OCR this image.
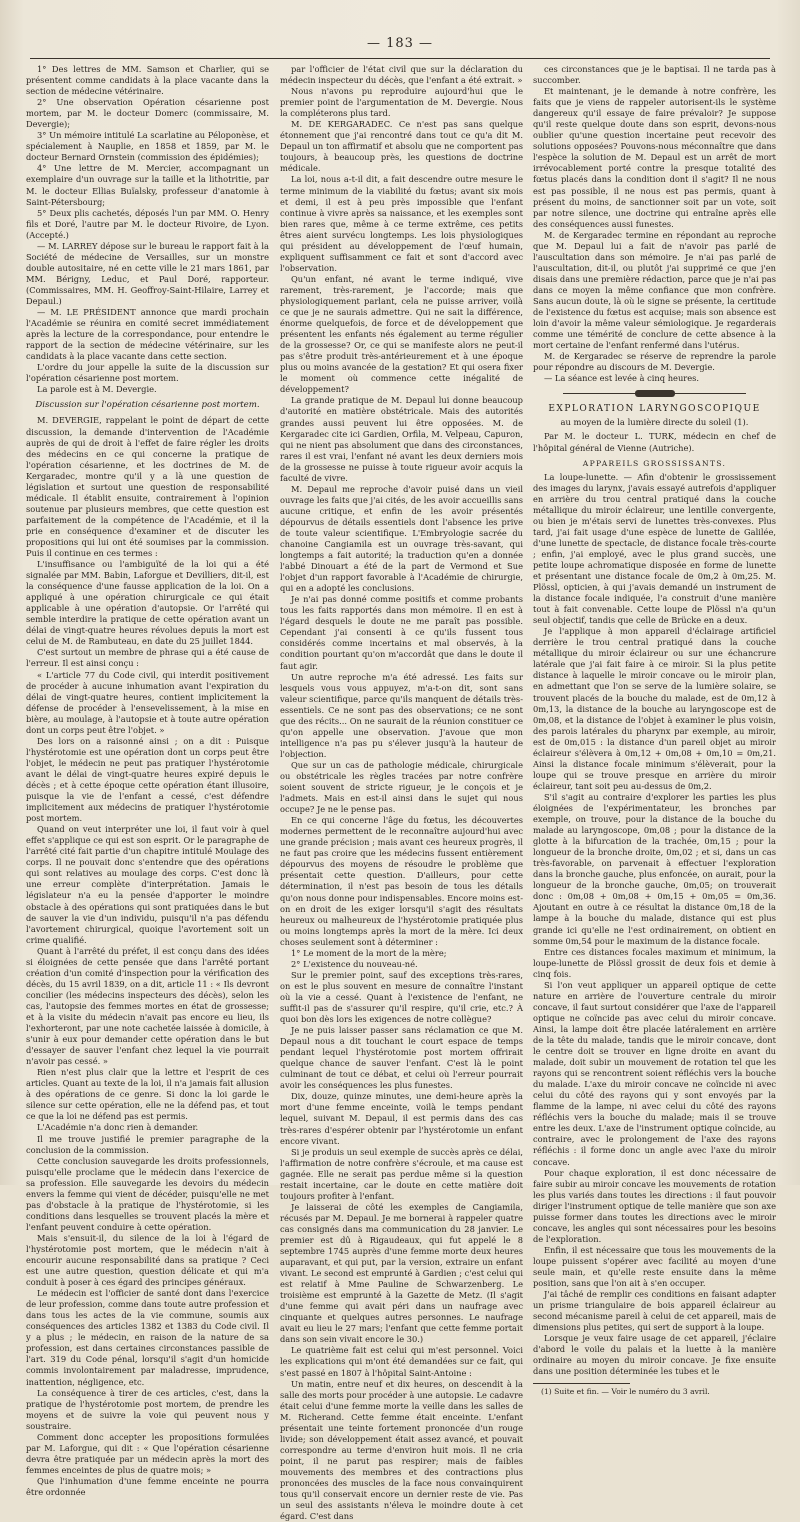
— 183 —

1° Des lettres de MM. Samson et Charlier, qui se présentent comme candidats à la place vacante dans la section de médecine vétérinaire.

2° Une observation Opération césarienne post mortem, par M. le docteur Domerc (commissaire, M. Devergie);

3° Un mémoire intitulé La scarlatine au Péloponèse, et spécialement à Nauplie, en 1858 et 1859, par M. le docteur Bernard Ornstein (commission des épidémies);

4° Une lettre de M. Mercier, accompagnant un exemplaire d'un ouvrage sur la taille et la lithotritie, par M. le docteur Ellias Buïalsky, professeur d'anatomie à Saint-Pétersbourg;

5° Deux plis cachetés, déposés l'un par MM. O. Henry fils et Doré, l'autre par M. le docteur Rivoire, de Lyon. (Accepté.)

— M. LARREY dépose sur le bureau le rapport fait à la Société de médecine de Versailles, sur un monstre double autositaire, né en cette ville le 21 mars 1861, par MM. Bérigny, Leduc, et Paul Doré, rapporteur. (Commissaires, MM. H. Geoffroy-Saint-Hilaire, Larrey et Depaul.)

— M. LE PRÉSIDENT annonce que mardi prochain l'Académie se réunira en comité secret immédiatement après la lecture de la correspondance, pour entendre le rapport de la section de médecine vétérinaire, sur les candidats à la place vacante dans cette section.

L'ordre du jour appelle la suite de la discussion sur l'opération césarienne post mortem.

La parole est à M. Devergie.

Discussion sur l'opération césarienne post mortem.

M. DEVERGIE, rappelant le point de départ de cette discussion, la demande d'intervention de l'Académie auprès de qui de droit à l'effet de faire régler les droits des médecins en ce qui concerne la pratique de l'opération césarienne, et les doctrines de M. de Kergaradec, montre qu'il y a là une question de législation et surtout une question de responsabilité médicale. Il établit ensuite, contrairement à l'opinion soutenue par plusieurs membres, que cette question est parfaitement de la compétence de l'Académie, et il la prie en conséquence d'examiner et de discuter les propositions qui lui ont été soumises par la commission. Puis il continue en ces termes :

L'insuffisance ou l'ambiguïté de la loi qui a été signalée par MM. Babin, Laforgue et Devilliers, dit-il, est la conséquence d'une fausse application de la loi. On a appliqué à une opération chirurgicale ce qui était applicable à une opération d'autopsie. Or l'arrêté qui semble interdire la pratique de cette opération avant un délai de vingt-quatre heures révolues depuis la mort est celui de M. de Rambuteau, en date du 25 juillet 1844.

C'est surtout un membre de phrase qui a été cause de l'erreur. Il est ainsi conçu :

« L'article 77 du Code civil, qui interdit positivement de procéder à aucune inhumation avant l'expiration du délai de vingt-quatre heures, contient implicitement la défense de procéder à l'ensevelissement, à la mise en bière, au moulage, à l'autopsie et à toute autre opération dont un corps peut être l'objet. »

Des lors on a raisonné ainsi ; on a dit : Puisque l'hystérotomie est une opération dont un corps peut être l'objet, le médecin ne peut pas pratiquer l'hystérotomie avant le délai de vingt-quatre heures expiré depuis le décès ; et à cette époque cette opération étant illusoire, puisque la vie de l'enfant a cessé, c'est défendre implicitement aux médecins de pratiquer l'hystérotomie post mortem.

Quand on veut interpréter une loi, il faut voir à quel effet s'applique ce qui est son esprit. Or le paragraphe de l'arrêté cité fait partie d'un chapitre intitulé Moulage des corps. Il ne pouvait donc s'entendre que des opérations qui sont relatives au moulage des corps. C'est donc là une erreur complète d'interprétation. Jamais le législateur n'a eu la pensée d'apporter le moindre obstacle à des opérations qui sont pratiquées dans le but de sauver la vie d'un individu, puisqu'il n'a pas défendu l'avortement chirurgical, quoique l'avortement soit un crime qualifié.

Quant à l'arrêté du préfet, il est conçu dans des idées si éloignées de cette pensée que dans l'arrêté portant création d'un comité d'inspection pour la vérification des décès, du 15 avril 1839, on a dit, article 11 : « Ils devront concilier (les médecins inspecteurs des décès), selon les cas, l'autopsie des femmes mortes en état de grossesse; et à la visite du médecin n'avait pas encore eu lieu, ils l'exhorteront, par une note cachetée laissée à domicile, à s'unir à eux pour demander cette opération dans le but d'essayer de sauver l'enfant chez lequel la vie pourrait n'avoir pas cessé. »

Rien n'est plus clair que la lettre et l'esprit de ces articles. Quant au texte de la loi, il n'a jamais fait allusion à des opérations de ce genre. Si donc la loi garde le silence sur cette opération, elle ne la défend pas, et tout ce que la loi ne défend pas est permis.

L'Académie n'a donc rien à demander.

Il me trouve justifié le premier paragraphe de la conclusion de la commission.

Cette conclusion sauvegarde les droits professionnels, puisqu'elle proclame que le médecin dans l'exercice de sa profession. Elle sauvegarde les devoirs du médecin envers la femme qui vient de décéder, puisqu'elle ne met pas d'obstacle à la pratique de l'hystérotomie, si les conditions dans lesquelles se trouvent placés la mère et l'enfant peuvent conduire à cette opération.

Mais s'ensuit-il, du silence de la loi à l'égard de l'hystérotomie post mortem, que le médecin n'ait à encourir aucune responsabilité dans sa pratique ? Ceci est une autre question, question délicate et qui m'a conduit à poser à ces égard des principes généraux.

Le médecin est l'officier de santé dont dans l'exercice de leur profession, comme dans toute autre profession et dans tous les actes de la vie commune, soumis aux conséquences des articles 1382 et 1383 du Code civil. Il y a plus ; le médecin, en raison de la nature de sa profession, est dans certaines circonstances passible de l'art. 319 du Code pénal, lorsqu'il s'agit d'un homicide commis involontairement par maladresse, imprudence, inattention, négligence, etc.

La conséquence à tirer de ces articles, c'est, dans la pratique de l'hystérotomie post mortem, de prendre les moyens et de suivre la voie qui peuvent nous y soustraire.

Comment donc accepter les propositions formulées par M. Laforgue, qui dit : « Que l'opération césarienne devra être pratiquée par un médecin après la mort des femmes enceintes de plus de quatre mois; »

Que l'inhumation d'une femme enceinte ne pourra être ordonnée

par l'officier de l'état civil que sur la déclaration du médecin inspecteur du décès, que l'enfant a été extrait. »

Nous n'avons pu reproduire aujourd'hui que le premier point de l'argumentation de M. Devergie. Nous la compléterons plus tard.

M. DE KERGARADEC. Ce n'est pas sans quelque étonnement que j'ai rencontré dans tout ce qu'a dit M. Depaul un ton affirmatif et absolu que ne comportent pas toujours, à beaucoup près, les questions de doctrine médicale.

La loi, nous a-t-il dit, a fait descendre outre mesure le terme minimum de la viabilité du fœtus; avant six mois et demi, il est à peu près impossible que l'enfant continue à vivre après sa naissance, et les exemples sont bien rares que, même à ce terme extrême, ces petits êtres aient survécu longtemps. Les lois physiologiques qui président au développement de l'œuf humain, expliquent suffisamment ce fait et sont d'accord avec l'observation.

Qu'un enfant, né avant le terme indiqué, vive rarement, très-rarement, je l'accorde; mais que physiologiquement parlant, cela ne puisse arriver, voilà ce que je ne saurais admettre. Qui ne sait la différence, énorme quelquefois, de force et de développement que présentent les enfants nés également au terme régulier de la grossesse? Or, ce qui se manifeste alors ne peut-il pas s'être produit très-antérieurement et à une époque plus ou moins avancée de la gestation? Et qui osera fixer le moment où commence cette inégalité de développement?

La grande pratique de M. Depaul lui donne beaucoup d'autorité en matière obstétricale. Mais des autorités grandes aussi peuvent lui être opposées. M. de Kergaradec cite ici Gardien, Orfila, M. Velpeau, Capuron, qui ne nient pas absolument que dans des circonstances, rares il est vrai, l'enfant né avant les deux derniers mois de la grossesse ne puisse à toute rigueur avoir acquis la faculté de vivre.

M. Depaul me reproche d'avoir puisé dans un vieil ouvrage les faits que j'ai cités, de les avoir accueillis sans aucune critique, et enfin de les avoir présentés dépourvus de détails essentiels dont l'absence les prive de toute valeur scientifique. L'Embryologie sacrée du chanoine Cangiamila est un ouvrage très-savant, qui longtemps a fait autorité; la traduction qu'en a donnée l'abbé Dinouart a été de la part de Vermond et Sue l'objet d'un rapport favorable à l'Académie de chirurgie, qui en a adopté les conclusions.

Je n'ai pas donné comme positifs et comme probants tous les faits rapportés dans mon mémoire. Il en est à l'égard desquels le doute ne me paraît pas possible. Cependant j'ai consenti à ce qu'ils fussent tous considérés comme incertains et mal observés, à la condition pourtant qu'on m'accordât que dans le doute il faut agir.

Un autre reproche m'a été adressé. Les faits sur lesquels vous vous appuyez, m'a-t-on dit, sont sans valeur scientifique, parce qu'ils manquent de détails très-essentiels. Ce ne sont pas des observations; ce ne sont que des récits... On ne saurait de la réunion constituer ce qu'on appelle une observation. J'avoue que mon intelligence n'a pas pu s'élever jusqu'à la hauteur de l'objection.

Que sur un cas de pathologie médicale, chirurgicale ou obstétricale les règles tracées par notre confrère soient souvent de stricte rigueur, je le conçois et je l'admets. Mais en est-il ainsi dans le sujet qui nous occupe? Je ne le pense pas.

En ce qui concerne l'âge du fœtus, les découvertes modernes permettent de le reconnaître aujourd'hui avec une grande précision ; mais avant ces heureux progrès, il ne faut pas croire que les médecins fussent entièrement dépourvus des moyens de résoudre le problème que présentait cette question. D'ailleurs, pour cette détermination, il n'est pas besoin de tous les détails qu'on nous donne pour indispensables. Encore moins est-on en droit de les exiger lorsqu'il s'agit des résultats heureux ou malheureux de l'hystérotomie pratiquée plus ou moins longtemps après la mort de la mère. Ici deux choses seulement sont à déterminer :

1° Le moment de la mort de la mère;

2° L'existence du nouveau-né.

Sur le premier point, sauf des exceptions très-rares, on est le plus souvent en mesure de connaître l'instant où la vie a cessé. Quant à l'existence de l'enfant, ne suffit-il pas de s'assurer qu'il respire, qu'il crie, etc.? À quoi bon dès lors les exigences de notre collègue?

Je ne puis laisser passer sans réclamation ce que M. Depaul nous a dit touchant le court espace de temps pendant lequel l'hystérotomie post mortem offrirait quelque chance de sauver l'enfant. C'est là le point culminant de tout ce débat, et celui où l'erreur pourrait avoir les conséquences les plus funestes.

Dix, douze, quinze minutes, une demi-heure après la mort d'une femme enceinte, voilà le temps pendant lequel, suivant M. Depaul, il est permis dans des cas très-rares d'espérer obtenir par l'hystérotomie un enfant encore vivant.

Si je produis un seul exemple de succès après ce délai, l'affirmation de notre confrère s'écroule, et ma cause est gagnée. Elle ne serait pas perdue même si la question restait incertaine, car le doute en cette matière doit toujours profiter à l'enfant.

Je laisserai de côté les exemples de Cangiamila, récusés par M. Depaul. Je me bornerai à rappeler quatre cas consignés dans ma communication du 28 janvier. Le premier est dû à Rigaudeaux, qui fut appelé le 8 septembre 1745 auprès d'une femme morte deux heures auparavant, et qui put, par la version, extraire un enfant vivant. Le second est emprunté à Gardien ; c'est celui qui est relatif à Mme Pauline de Schwarzenberg. Le troisième est emprunté à la Gazette de Metz. (Il s'agit d'une femme qui avait péri dans un naufrage avec cinquante et quelques autres personnes. Le naufrage avait eu lieu le 27 mars; l'enfant que cette femme portait dans son sein vivait encore le 30.)

Le quatrième fait est celui qui m'est personnel. Voici les explications qui m'ont été demandées sur ce fait, qui s'est passé en 1807 à l'hôpital Saint-Antoine :

Un matin, entre neuf et dix heures, on descendit à la salle des morts pour procéder à une autopsie. Le cadavre était celui d'une femme morte la veille dans les salles de M. Richerand. Cette femme était enceinte. L'enfant présentait une teinte fortement prononcée d'un rouge livide; son développement était assez avancé, et pouvait correspondre au terme d'environ huit mois. Il ne cria point, il ne parut pas respirer; mais de faibles mouvements des membres et des contractions plus prononcées des muscles de la face nous convainquirent tous qu'il conservait encore un dernier reste de vie. Pas un seul des assistants n'éleva le moindre doute à cet égard. C'est dans

ces circonstances que je le baptisai. Il ne tarda pas à succomber.

Et maintenant, je le demande à notre confrère, les faits que je viens de rappeler autorisent-ils le système dangereux qu'il essaye de faire prévaloir? Je suppose qu'il reste quelque doute dans son esprit, devons-nous oublier qu'une question incertaine peut recevoir des solutions opposées? Pouvons-nous méconnaître que dans l'espèce la solution de M. Depaul est un arrêt de mort irrévocablement porté contre la presque totalité des fœtus placés dans la condition dont il s'agit? Il ne nous est pas possible, il ne nous est pas permis, quant à présent du moins, de sanctionner soit par un vote, soit par notre silence, une doctrine qui entraîne après elle des conséquences aussi funestes.

M. de Kergaradec termine en répondant au reproche que M. Depaul lui a fait de n'avoir pas parlé de l'auscultation dans son mémoire. Je n'ai pas parlé de l'auscultation, dit-il, ou plutôt j'ai supprimé ce que j'en disais dans une première rédaction, parce que je n'ai pas dans ce moyen la même confiance que mon confrère. Sans aucun doute, là où le signe se présente, la certitude de l'existence du fœtus est acquise; mais son absence est loin d'avoir la même valeur sémiologique. Je regarderais comme une témérité de conclure de cette absence à la mort certaine de l'enfant renfermé dans l'utérus.

M. de Kergaradec se réserve de reprendre la parole pour répondre au discours de M. Devergie.

— La séance est levée à cinq heures.

EXPLORATION LARYNGOSCOPIQUE
au moyen de la lumière directe du soleil (1).

Par M. le docteur L. TURK, médecin en chef de l'hôpital général de Vienne (Autriche).

APPAREILS GROSSISSANTS.

La loupe-lunette. — Afin d'obtenir le grossissement des images du larynx, j'avais essayé autrefois d'appliquer en arrière du trou central pratiqué dans la couche métallique du miroir éclaireur, une lentille convergente, ou bien je m'étais servi de lunettes très-convexes. Plus tard, j'ai fait usage d'une espèce de lunette de Galilée, d'une lunette de spectacle, de distance focale très-courte ; enfin, j'ai employé, avec le plus grand succès, une petite loupe achromatique disposée en forme de lunette et présentant une distance focale de 0m,2 à 0m,25. M. Plössl, opticien, à qui j'avais demandé un instrument de la distance focale indiquée, l'a construit d'une manière tout à fait convenable. Cette loupe de Plössl n'a qu'un seul objectif, tandis que celle de Brücke en a deux.

Je l'applique à mon appareil d'éclairage artificiel derrière le trou central pratiqué dans la couche métallique du miroir éclaireur ou sur une échancrure latérale que j'ai fait faire à ce miroir. Si la plus petite distance à laquelle le miroir concave ou le miroir plan, en admettant que l'on se serve de la lumière solaire, se trouvent placés de la bouche du malade, est de 0m,12 à 0m,13, la distance de la bouche au laryngoscope est de 0m,08, et la distance de l'objet à examiner le plus voisin, des parois latérales du pharynx par exemple, au miroir, est de 0m,015 : la distance d'un pareil objet au miroir éclaireur s'élèvera à 0m,12 + 0m,08 + 0m,10 = 0m,21. Ainsi la distance focale minimum s'élèverait, pour la loupe qui se trouve presque en arrière du miroir éclaireur, tant soit peu au-dessus de 0m,2.

S'il s'agit au contraire d'explorer les parties les plus éloignées de l'expérimentateur, les bronches par exemple, on trouve, pour la distance de la bouche du malade au laryngoscope, 0m,08 ; pour la distance de la glotte à la bifurcation de la trachée, 0m,15 ; pour la longueur de la bronche droite, 0m,02 ; et si, dans un cas très-favorable, on parvenait à effectuer l'exploration dans la bronche gauche, plus enfoncée, on aurait, pour la longueur de la bronche gauche, 0m,05; on trouverait donc : 0m,08 + 0m,08 + 0m,15 + 0m,05 = 0m,36. Ajoutant en outre à ce résultat la distance 0m,18 de la lampe à la bouche du malade, distance qui est plus grande ici qu'elle ne l'est ordinairement, on obtient en somme 0m,54 pour le maximum de la distance focale.

Entre ces distances focales maximum et minimum, la loupe-lunette de Plössl grossit de deux fois et demie à cinq fois.

Si l'on veut appliquer un appareil optique de cette nature en arrière de l'ouverture centrale du miroir concave, il faut surtout considérer que l'axe de l'appareil optique ne coïncide pas avec celui du miroir concave. Ainsi, la lampe doit être placée latéralement en arrière de la tête du malade, tandis que le miroir concave, dont le centre doit se trouver en ligne droite en avant du malade, doit subir un mouvement de rotation tel que les rayons qui se rencontrent soient réfléchis vers la bouche du malade. L'axe du miroir concave ne coïncide ni avec celui du côté des rayons qui y sont envoyés par la flamme de la lampe, ni avec celui du côté des rayons réfléchis vers la bouche du malade; mais il se trouve entre les deux. L'axe de l'instrument optique coïncide, au contraire, avec le prolongement de l'axe des rayons réfléchis : il forme donc un angle avec l'axe du miroir concave.

Pour chaque exploration, il est donc nécessaire de faire subir au miroir concave les mouvements de rotation les plus variés dans toutes les directions : il faut pouvoir diriger l'instrument optique de telle manière que son axe puisse former dans toutes les directions avec le miroir concave, les angles qui sont nécessaires pour les besoins de l'exploration.

Enfin, il est nécessaire que tous les mouvements de la loupe puissent s'opérer avec facilité au moyen d'une seule main, et qu'elle reste ensuite dans la même position, sans que l'on ait à s'en occuper.

J'ai tâché de remplir ces conditions en faisant adapter un prisme triangulaire de bois appareil éclaireur au second mécanisme pareil à celui de cet appareil, mais de dimensions plus petites, qui sert de support à la loupe.

Lorsque je veux faire usage de cet appareil, j'éclaire d'abord le voile du palais et la luette à la manière ordinaire au moyen du miroir concave. Je fixe ensuite dans une position déterminée les tubes et le

(1) Suite et fin. — Voir le numéro du 3 avril.
